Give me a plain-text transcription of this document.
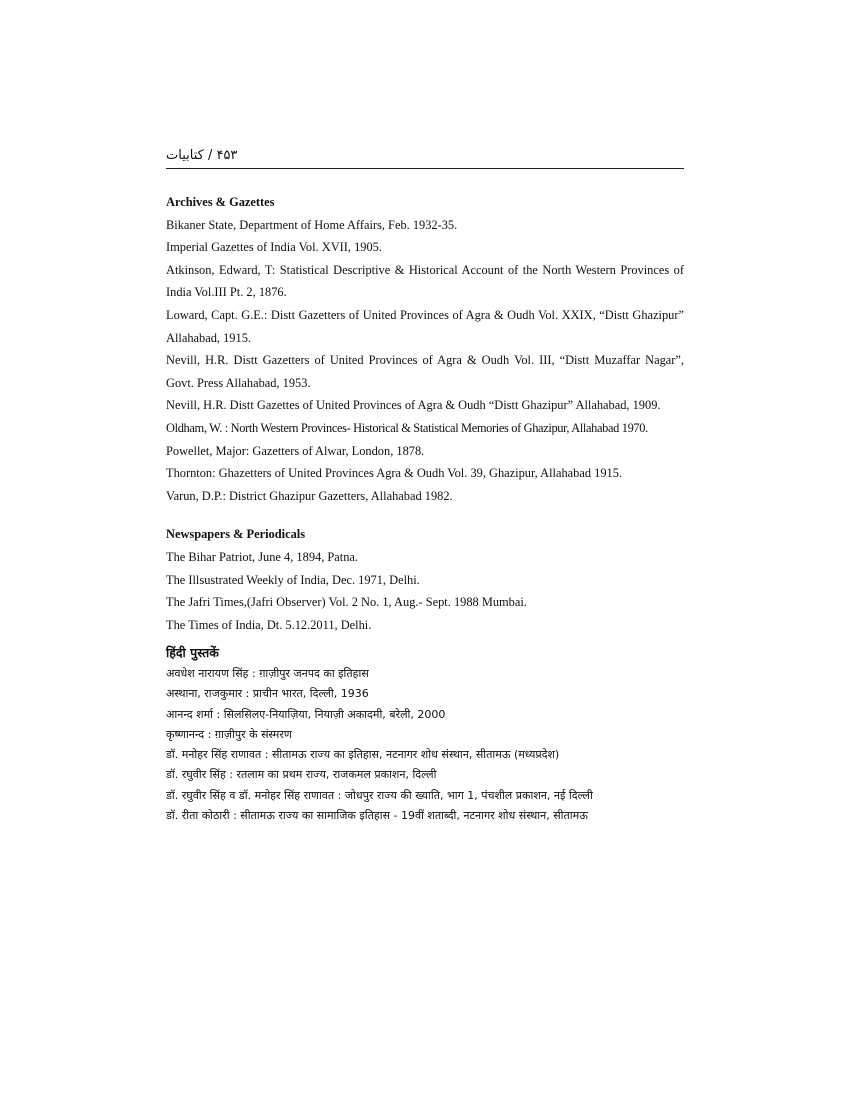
۴۵۳ / کتابیات

Archives & Gazettes

Bikaner State, Department of Home Affairs, Feb. 1932-35.

Imperial Gazettes of India Vol. XVII, 1905.

Atkinson, Edward, T: Statistical Descriptive & Historical Account of the North Western Provinces of India Vol.III Pt. 2, 1876.

Loward, Capt. G.E.: Distt Gazetters of United Provinces of Agra & Oudh Vol. XXIX, “Distt Ghazipur” Allahabad, 1915.

Nevill, H.R. Distt Gazetters of United Provinces of Agra & Oudh Vol. III, “Distt Muzaffar Nagar”, Govt. Press Allahabad, 1953.

Nevill, H.R. Distt Gazettes of United Provinces of Agra & Oudh “Distt Ghazipur” Allahabad, 1909.

Oldham, W. : North Western Provinces- Historical & Statistical Memories of Ghazipur, Allahabad 1970.

Powellet, Major: Gazetters of Alwar, London, 1878.

Thornton: Ghazetters of United Provinces Agra & Oudh Vol. 39, Ghazipur, Allahabad 1915.

Varun, D.P.: District Ghazipur Gazetters, Allahabad 1982.

Newspapers & Periodicals

The Bihar Patriot, June 4, 1894, Patna.

The Illsustrated Weekly of India, Dec. 1971, Delhi.

The Jafri Times,(Jafri Observer) Vol. 2 No. 1, Aug.- Sept. 1988 Mumbai.

The Times of India, Dt. 5.12.2011, Delhi.

हिंदी पुस्तकें

अवधेश नारायण सिंह : ग़ाज़ीपुर जनपद का इतिहास

अस्थाना, राजकुमार : प्राचीन भारत, दिल्ली, 1936

आनन्द शर्मा : सिलसिलए-नियाज़िया, नियाज़ी अकादमी, बरेली, 2000

कृष्णानन्द : ग़ाज़ीपुर के संस्मरण

डॉ. मनोहर सिंह राणावत : सीतामऊ राज्य का इतिहास, नटनागर शोध संस्थान, सीतामऊ (मध्यप्रदेश)

डॉ. रघुवीर सिंह : रतलाम का प्रथम राज्य, राजकमल प्रकाशन, दिल्ली

डॉ. रघुवीर सिंह व डॉ. मनोहर सिंह राणावत : जोधपुर राज्य की ख्याति, भाग 1, पंचशील प्रकाशन, नई दिल्ली

डॉ. रीता कोठारी : सीतामऊ राज्य का सामाजिक इतिहास - 19वीं शताब्दी, नटनागर शोध संस्थान, सीतामऊ
